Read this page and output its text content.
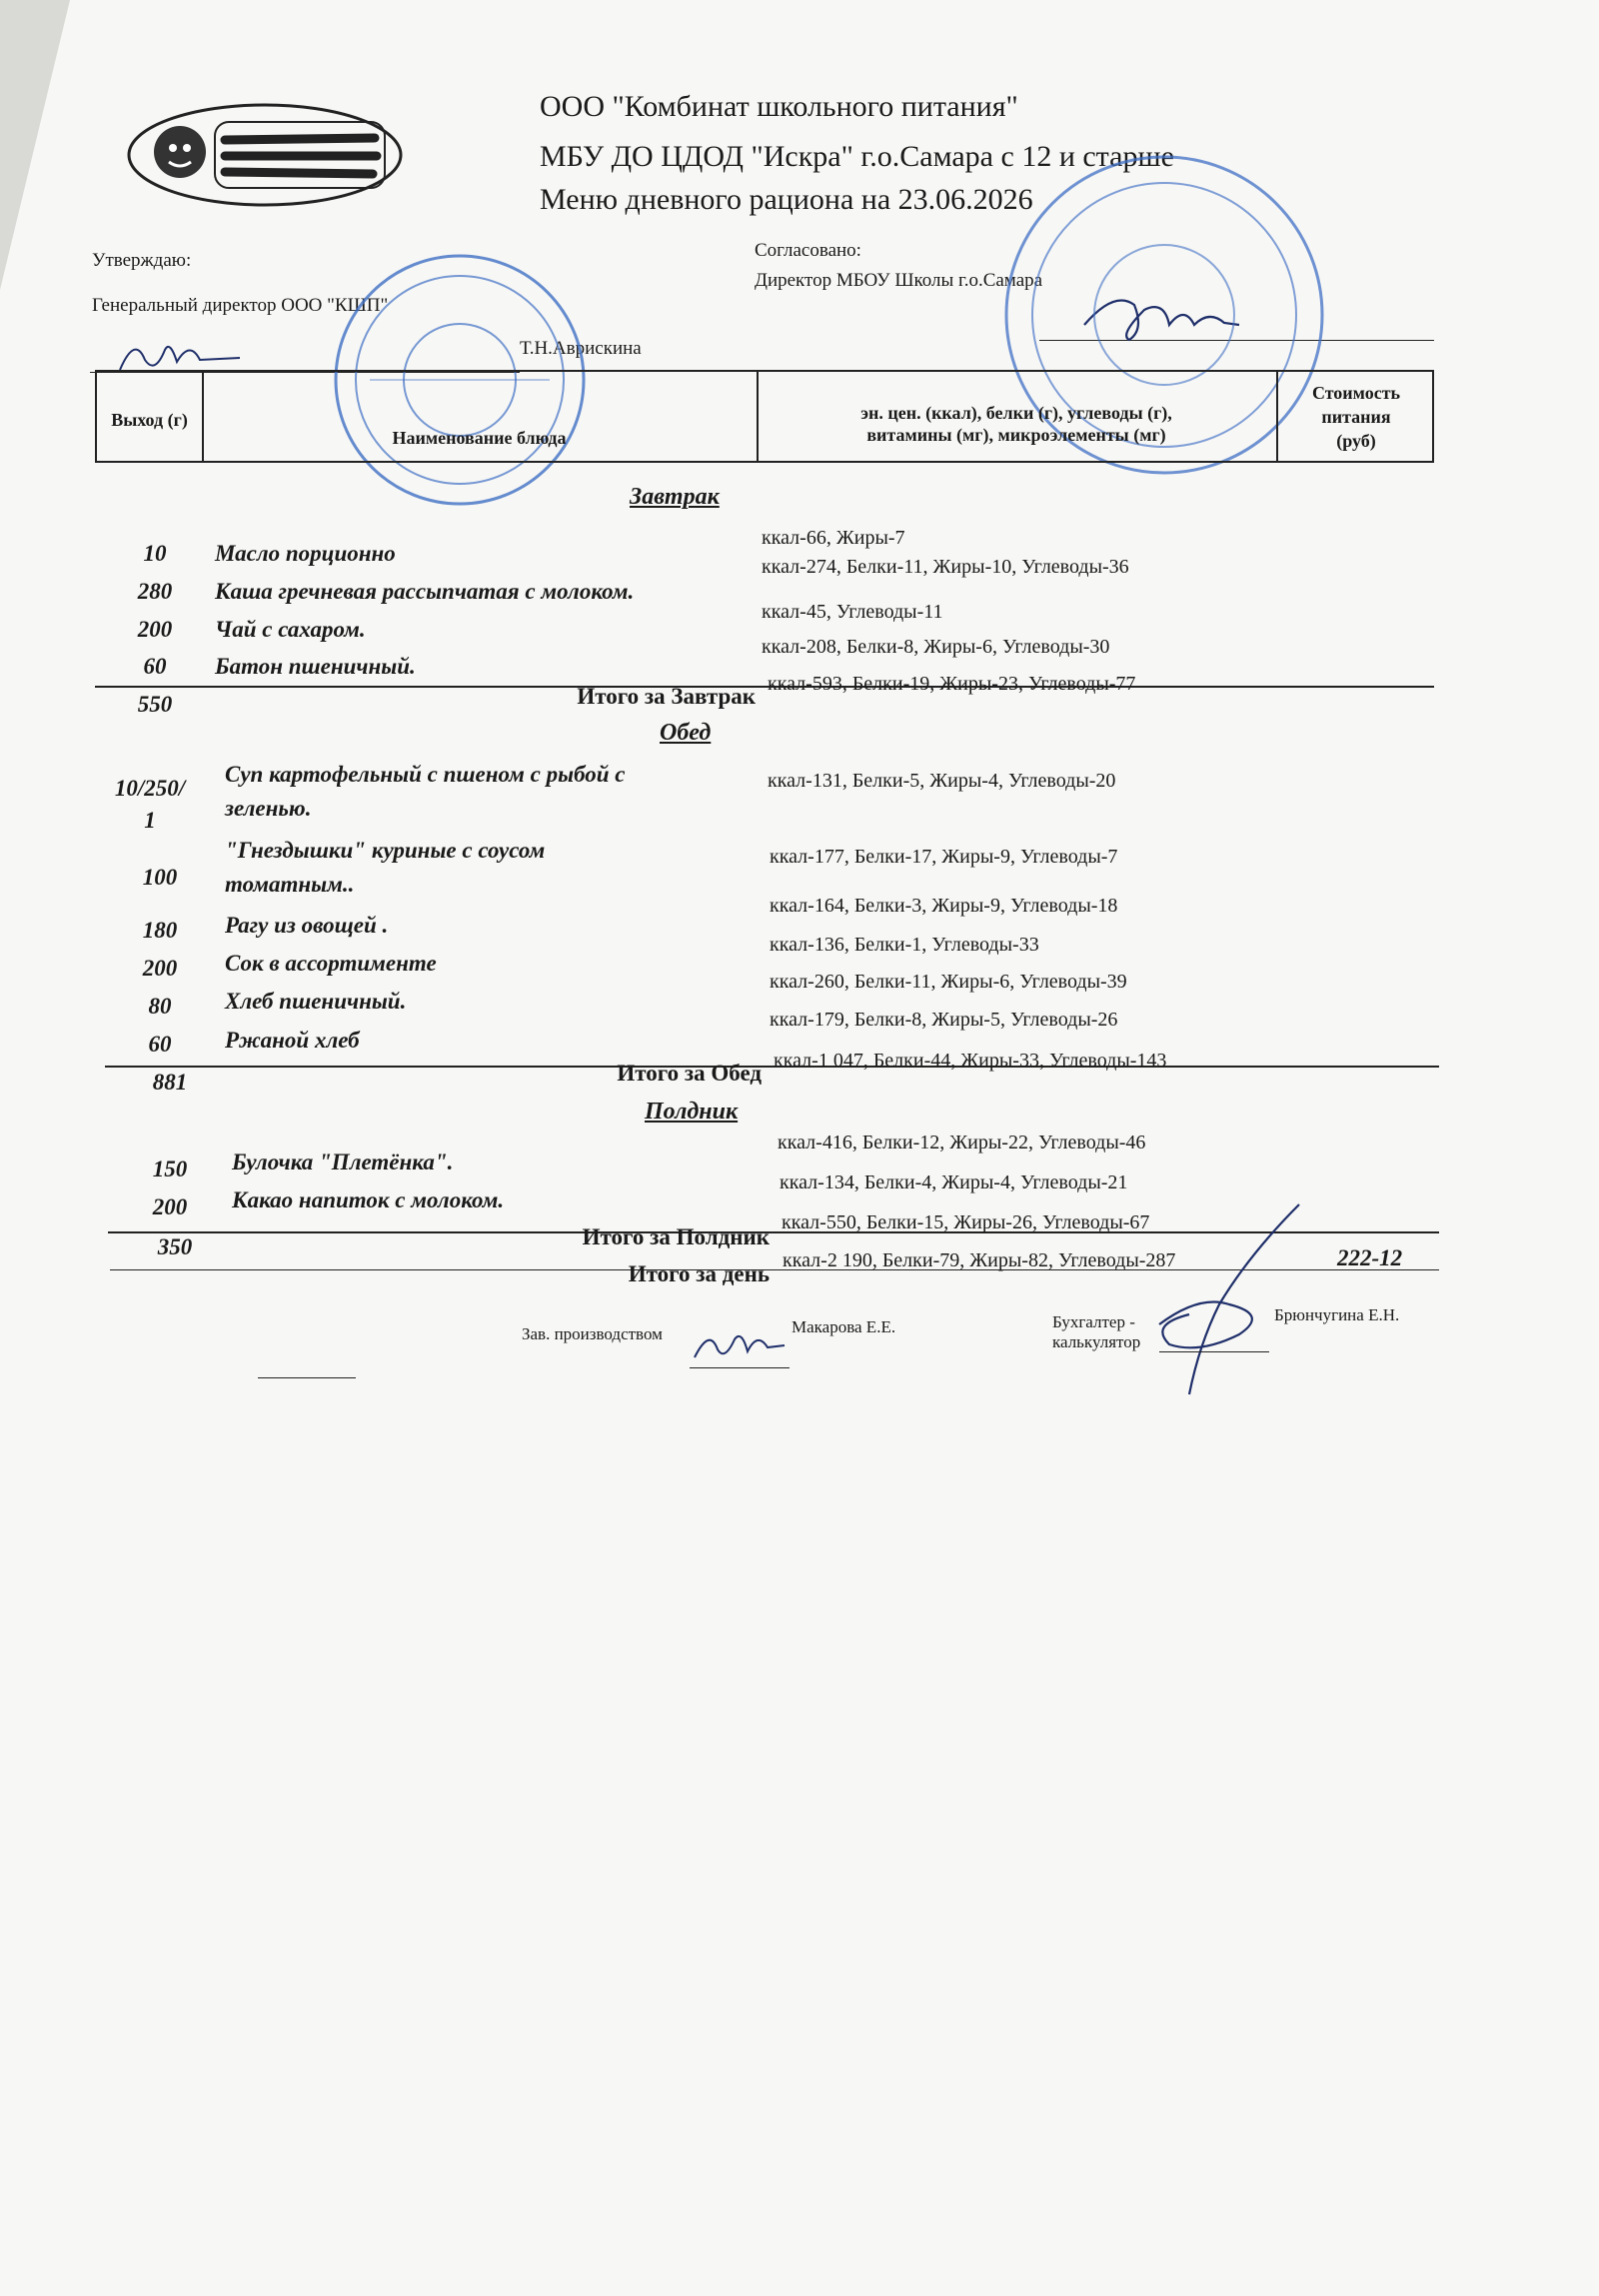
ООО "Комбинат школьного питания"
МБУ ДО ЦДОД "Искра" г.о.Самара с 12 и старше
Меню дневного рациона на 23.06.2026
Утверждаю:
Генеральный директор ООО "КШП"
Т.Н.Аврискина
Согласовано:
Директор МБОУ Школы г.о.Самара
Выход (г)
Наименование блюда
эн. цен. (ккал), белки (г), углеводы (г),
витамины (мг), микроэлементы (мг)
Стоимость
питания
(руб)
Завтрак
10	Масло порционно
ккал-66, Жиры-7
280	Каша гречневая рассыпчатая с молоком.
ккал-274, Белки-11, Жиры-10, Углеводы-36
200	Чай с сахаром.
ккал-45, Углеводы-11
60	Батон пшеничный.
ккал-208, Белки-8, Жиры-6, Углеводы-30
550	Итого за Завтрак ккал-593, Белки-19, Жиры-23, Углеводы-77
Обед
10/250/
1
Суп картофельный с пшеном с рыбой с
зеленью.
ккал-131, Белки-5, Жиры-4, Углеводы-20
100
"Гнездышки" куриные с соусом
томатным..
ккал-177, Белки-17, Жиры-9, Углеводы-7
180	Рагу из овощей .
ккал-164, Белки-3, Жиры-9, Углеводы-18
200	Сок в ассортименте
ккал-136, Белки-1, Углеводы-33
80	Хлеб пшеничный.
ккал-260, Белки-11, Жиры-6, Углеводы-39
60	Ржаной хлеб
ккал-179, Белки-8, Жиры-5, Углеводы-26
881	Итого за Обед ккал-1 047, Белки-44, Жиры-33, Углеводы-143
Полдник
150	Булочка "Плетёнка".
ккал-416, Белки-12, Жиры-22, Углеводы-46
200	Какао напиток с молоком.
ккал-134, Белки-4, Жиры-4, Углеводы-21
350	Итого за Полдник
ккал-550, Белки-15, Жиры-26, Углеводы-67
Итого за день
ккал-2 190, Белки-79, Жиры-82, Углеводы-287	222-12
Зав. производством	Макарова Е.Е.	Бухгалтер -
калькулятор
Брюнчугина Е.Н.
